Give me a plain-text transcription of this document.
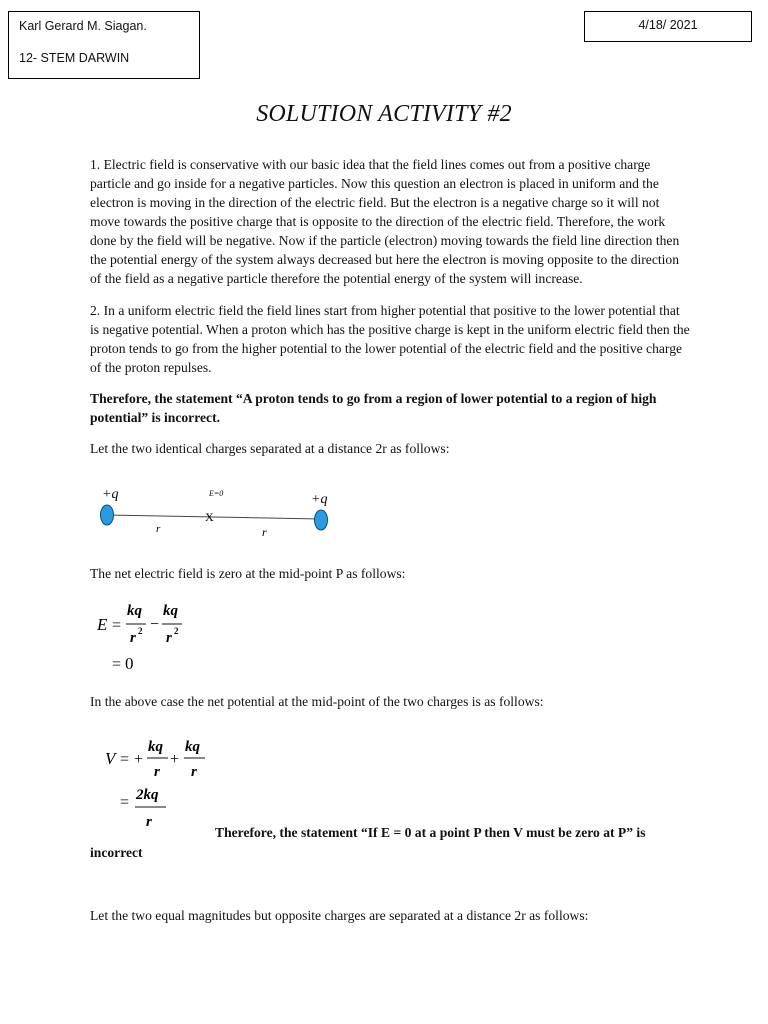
Karl Gerard M. Siagan.
12- STEM DARWIN
4/18/ 2021
SOLUTION ACTIVITY #2

1. Electric field is conservative with our basic idea that the field lines comes out from a positive charge particle and go inside for a negative particles. Now this question an electron is placed in uniform and the electron is moving in the direction of the electric field. But the electron is a negative charge so it will not move towards the positive charge that is opposite to the direction of the electric field. Therefore, the work done by the field will be negative. Now if the particle (electron) moving towards the field line direction then the potential energy of the system always decreased but here the electron is moving opposite to the direction of the field as a negative particle therefore the potential energy of the system will increase.

2. In a uniform electric field the field lines start from higher potential that positive to the lower potential that is negative potential. When a proton which has the positive charge is kept in the uniform electric field then the proton tends to go from the higher potential to the lower potential of the electric field and the positive charge of the proton repulses.

Therefore, the statement “A proton tends to go from a region of lower potential to a region of high potential” is incorrect.

Let the two identical charges separated at a distance 2r as follows:

+q	+q
E=0
X
r	r

The net electric field is zero at the mid-point P as follows:

E =
kq
r 2 −
kq
r 2
= 0

In the above case the net potential at the mid-point of the two charges is as follows:

V = +
kq
r
+
kq
r
= 2kq
r

Therefore, the statement “If E = 0 at a point P then V must be zero at P” is

incorrect

Let the two equal magnitudes but opposite charges are separated at a distance 2r as follows:
